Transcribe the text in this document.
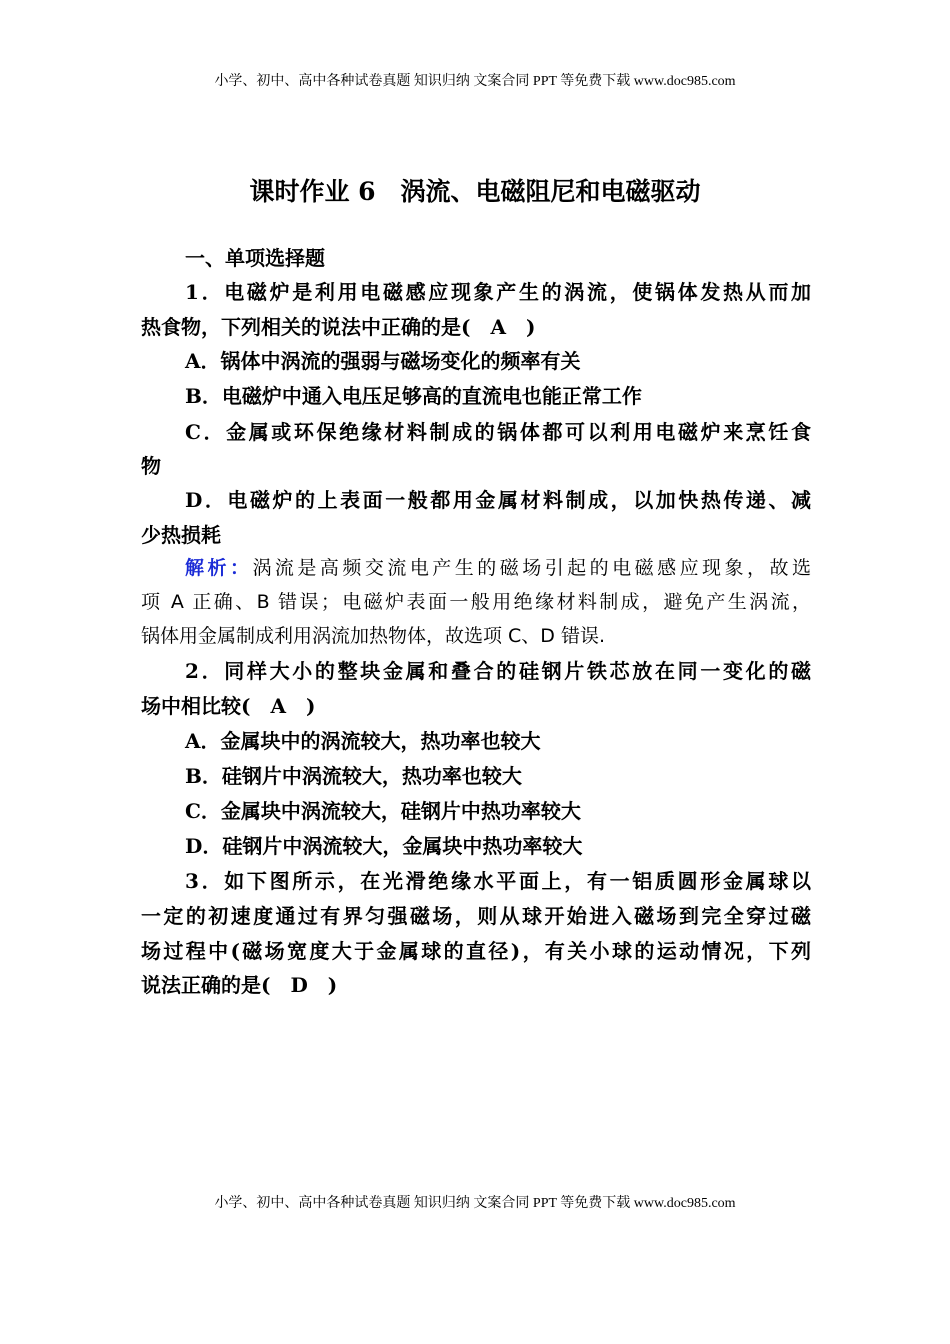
小学、初中、高中各种试卷真题 知识归纳 文案合同 PPT 等免费下载 www.doc985.com
课时作业 6　涡流、电磁阻尼和电磁驱动
一、单项选择题
1．电磁炉是利用电磁感应现象产生的涡流，使锅体发热从而加
热食物，下列相关的说法中正确的是(　A　)
A．锅体中涡流的强弱与磁场变化的频率有关
B．电磁炉中通入电压足够高的直流电也能正常工作
C．金属或环保绝缘材料制成的锅体都可以利用电磁炉来烹饪食
物
D．电磁炉的上表面一般都用金属材料制成，以加快热传递、减
少热损耗
解析：涡流是高频交流电产生的磁场引起的电磁感应现象，故选
项 A 正确、B 错误；电磁炉表面一般用绝缘材料制成，避免产生涡流，
锅体用金属制成利用涡流加热物体，故选项 C、D 错误.
2．同样大小的整块金属和叠合的硅钢片铁芯放在同一变化的磁
场中相比较(　A　)
A．金属块中的涡流较大，热功率也较大
B．硅钢片中涡流较大，热功率也较大
C．金属块中涡流较大，硅钢片中热功率较大
D．硅钢片中涡流较大，金属块中热功率较大
3．如下图所示，在光滑绝缘水平面上，有一铝质圆形金属球以
一定的初速度通过有界匀强磁场，则从球开始进入磁场到完全穿过磁
场过程中(磁场宽度大于金属球的直径)，有关小球的运动情况，下列
说法正确的是(　D　)
小学、初中、高中各种试卷真题 知识归纳 文案合同 PPT 等免费下载 www.doc985.com
